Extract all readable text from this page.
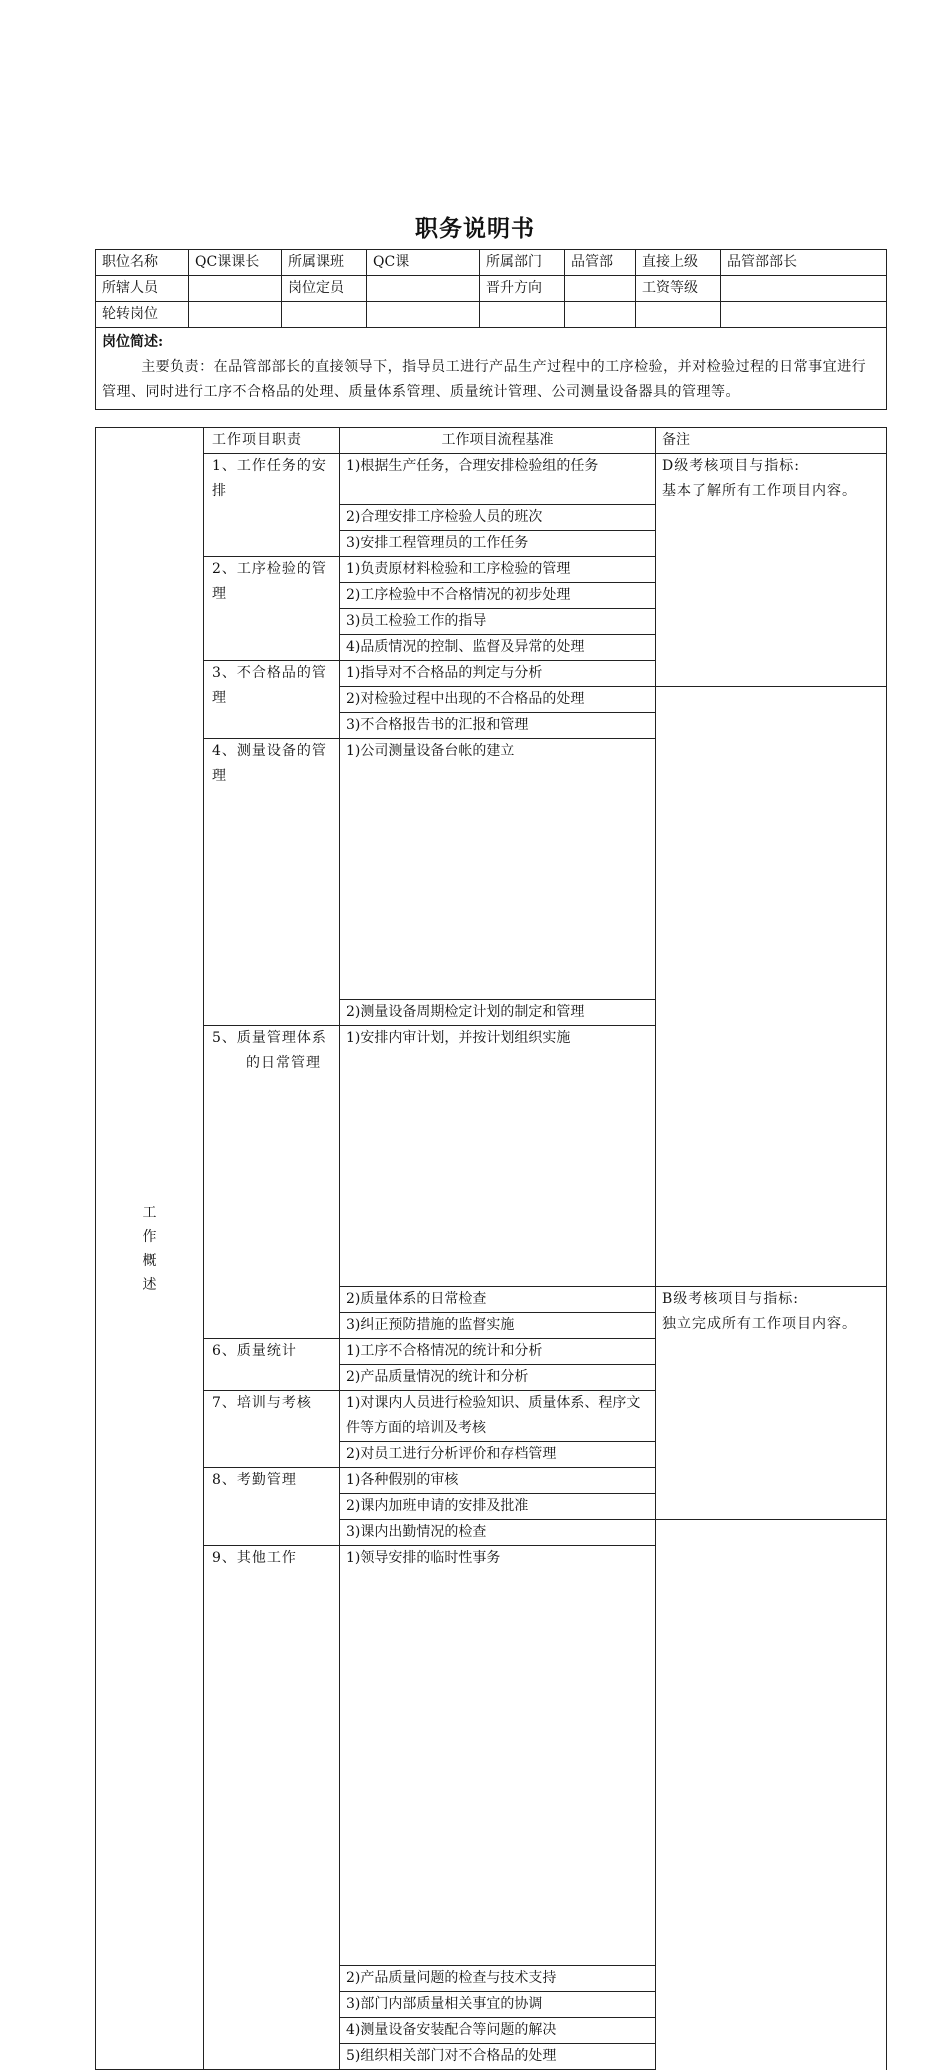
职务说明书
职位名称	QC课课长	所属课班	QC课	所属部门	品管部	直接上级	品管部部长
所辖人员		岗位定员		晋升方向		工资等级	
轮转岗位							

岗位简述:
主要负责：在品管部部长的直接领导下，指导员工进行产品生产过程中的工序检验，并对检验过程的日常事宜进行管理、同时进行工序不合格品的处理、质量体系管理、质量统计管理、公司测量设备器具的管理等。							
工
作
概
述	工作项目职责	工作项目流程基准	备注	
	1、工作任务的安排	1)根据生产任务，合理安排检验组的任务	D级考核项目与指标:
基本了解所有工作项目内容。	

		2)合理安排工序检验人员的班次		
		3)安排工程管理员的工作任务		
	2、工序检验的管理	1)负责原材料检验和工序检验的管理		
		2)工序检验中不合格情况的初步处理		
		3)员工检验工作的指导		
		4)品质情况的控制、监督及异常的处理		
	3、不合格品的管理	1)指导对不合格品的判定与分析	

		2)对检验过程中出现的不合格品的处理		
		3)不合格报告书的汇报和管理		
	4、测量设备的管理	1)公司测量设备台帐的建立		
		2)测量设备周期检定计划的制定和管理		

	5、质量管理体系
的日常管理	1)安排内审计划，并按计划组织实施		
		2)质量体系的日常检查	B级考核项目与指标:
独立完成所有工作项目内容。	

		3)纠正预防措施的监督实施		
	6、质量统计	1)工序不合格情况的统计和分析		
		2)产品质量情况的统计和分析		
	7、培训与考核	1)对课内人员进行检验知识、质量体系、程序文件等方面的培训及考核		
		2)对员工进行分析评价和存档管理		
	8、考勤管理	1)各种假别的审核		
		2)课内加班申请的安排及批准	

		3)课内出勤情况的检查		
	9、其他工作	1)领导安排的临时性事务		
		2)产品质量问题的检查与技术支持		
		3)部门内部质量相关事宜的协调		
		4)测量设备安装配合等问题的解决		
		5)组织相关部门对不合格品的处理		
